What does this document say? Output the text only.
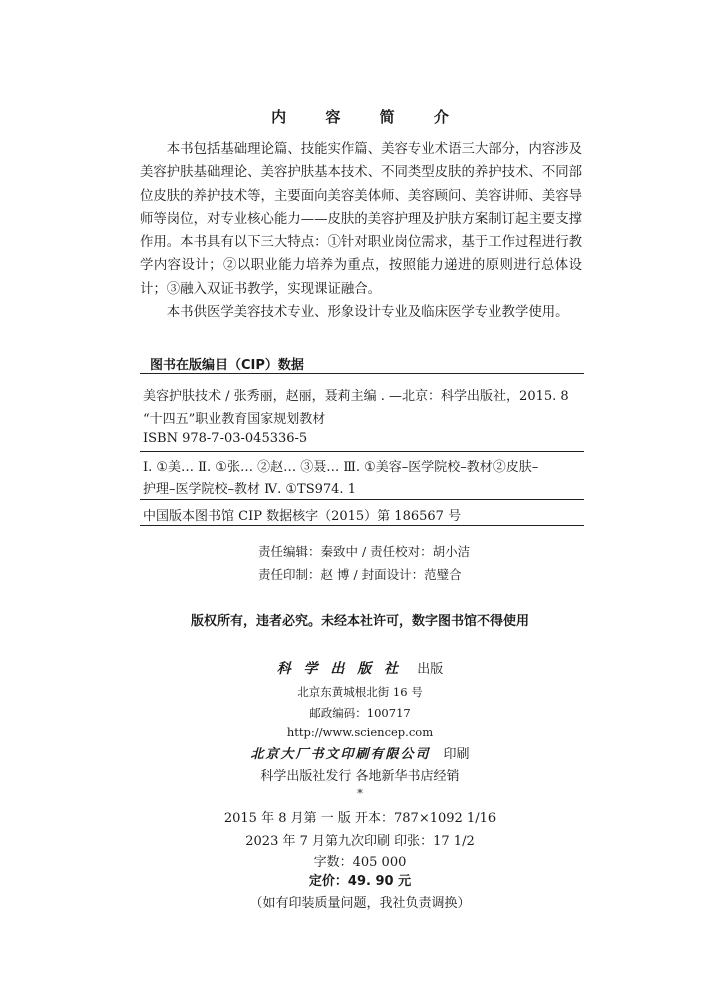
内 容 简 介

本书包括基础理论篇、技能实作篇、美容专业术语三大部分，内容涉及美容护肤基础理论、美容护肤基本技术、不同类型皮肤的养护技术、不同部位皮肤的养护技术等，主要面向美容美体师、美容顾问、美容讲师、美容导师等岗位，对专业核心能力——皮肤的美容护理及护肤方案制订起主要支撑作用。本书具有以下三大特点：①针对职业岗位需求，基于工作过程进行教学内容设计；②以职业能力培养为重点，按照能力递进的原则进行总体设计；③融入双证书教学，实现课证融合。

本书供医学美容技术专业、形象设计专业及临床医学专业教学使用。

图书在版编目（CIP）数据
美容护肤技术 / 张秀丽，赵丽，聂莉主编 . —北京：科学出版社，2015. 8
“十四五”职业教育国家规划教材
ISBN 978-7-03-045336-5
Ⅰ. ①美… Ⅱ. ①张… ②赵… ③聂… Ⅲ. ①美容–医学院校–教材②皮肤–
护理–医学院校–教材 Ⅳ. ①TS974. 1
中国版本图书馆 CIP 数据核字（2015）第 186567 号
责任编辑：秦致中 / 责任校对：胡小洁
责任印制：赵 博 / 封面设计：范璧合
版权所有，违者必究。未经本社许可，数字图书馆不得使用
科 学 出 版 社 出版
北京东黄城根北街 16 号
邮政编码：100717
http://www.sciencep.com
北京大厂书文印刷有限公司 印刷
科学出版社发行 各地新华书店经销
*
2015 年 8 月第 一 版 开本：787×1092 1/16
2023 年 7 月第九次印刷 印张：17 1/2
字数：405 000
定价：49. 90 元
（如有印装质量问题，我社负责调换）
